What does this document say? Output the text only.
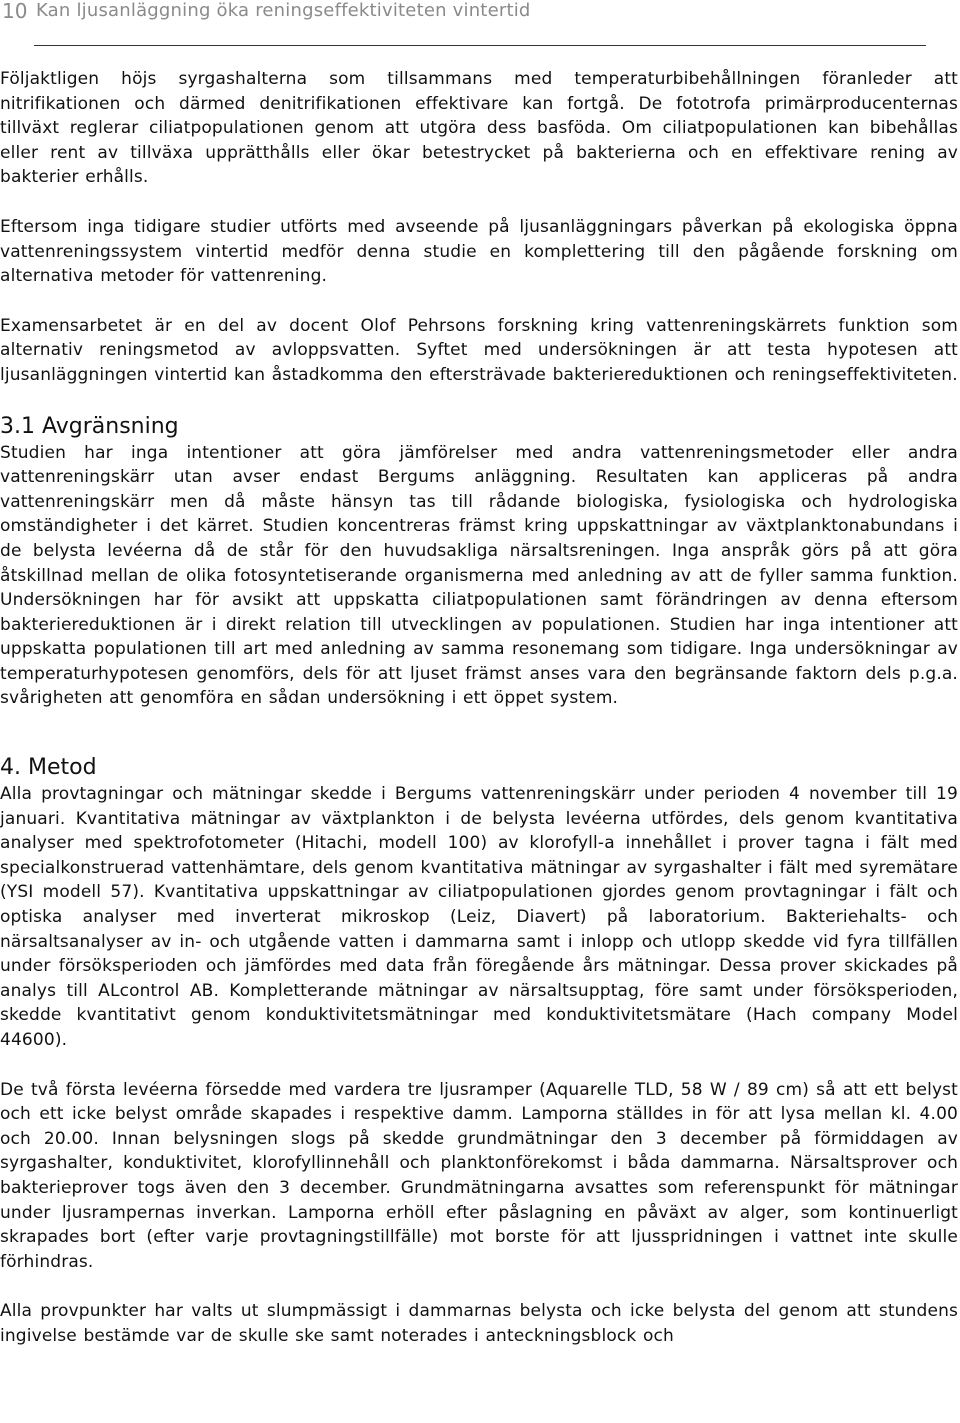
10 Kan ljusanläggning öka reningseffektiviteten vintertid

Följaktligen höjs syrgashalterna som tillsammans med temperaturbibehållningen föranleder att nitrifikationen och därmed denitrifikationen effektivare kan fortgå. De fototrofa primärproducenternas tillväxt reglerar ciliatpopulationen genom att utgöra dess basföda. Om ciliatpopulationen kan bibehållas eller rent av tillväxa upprätthålls eller ökar betestrycket på bakterierna och en effektivare rening av bakterier erhålls.

Eftersom inga tidigare studier utförts med avseende på ljusanläggningars påverkan på ekologiska öppna vattenreningssystem vintertid medför denna studie en komplettering till den pågående forskning om alternativa metoder för vattenrening.

Examensarbetet är en del av docent Olof Pehrsons forskning kring vattenreningskärrets funktion som alternativ reningsmetod av avloppsvatten. Syftet med undersökningen är att testa hypotesen att ljusanläggningen vintertid kan åstadkomma den eftersträvade bakteriereduktionen och reningseffektiviteten.

3.1 Avgränsning

Studien har inga intentioner att göra jämförelser med andra vattenreningsmetoder eller andra vattenreningskärr utan avser endast Bergums anläggning. Resultaten kan appliceras på andra vattenreningskärr men då måste hänsyn tas till rådande biologiska, fysiologiska och hydrologiska omständigheter i det kärret. Studien koncentreras främst kring uppskattningar av växtplanktonabundans i de belysta levéerna då de står för den huvudsakliga närsaltsreningen. Inga anspråk görs på att göra åtskillnad mellan de olika fotosyntetiserande organismerna med anledning av att de fyller samma funktion. Undersökningen har för avsikt att uppskatta ciliatpopulationen samt förändringen av denna eftersom bakteriereduktionen är i direkt relation till utvecklingen av populationen. Studien har inga intentioner att uppskatta populationen till art med anledning av samma resonemang som tidigare. Inga undersökningar av temperaturhypotesen genomförs, dels för att ljuset främst anses vara den begränsande faktorn dels p.g.a. svårigheten att genomföra en sådan undersökning i ett öppet system.

4. Metod

Alla provtagningar och mätningar skedde i Bergums vattenreningskärr under perioden 4 november till 19 januari. Kvantitativa mätningar av växtplankton i de belysta levéerna utfördes, dels genom kvantitativa analyser med spektrofotometer (Hitachi, modell 100) av klorofyll-a innehållet i prover tagna i fält med specialkonstruerad vattenhämtare, dels genom kvantitativa mätningar av syrgashalter i fält med syremätare (YSI modell 57). Kvantitativa uppskattningar av ciliatpopulationen gjordes genom provtagningar i fält och optiska analyser med inverterat mikroskop (Leiz, Diavert) på laboratorium. Bakteriehalts- och närsaltsanalyser av in- och utgående vatten i dammarna samt i inlopp och utlopp skedde vid fyra tillfällen under försöksperioden och jämfördes med data från föregående års mätningar. Dessa prover skickades på analys till ALcontrol AB. Kompletterande mätningar av närsaltsupptag, före samt under försöksperioden, skedde kvantitativt genom konduktivitetsmätningar med konduktivitetsmätare (Hach company Model 44600).

De två första levéerna försedde med vardera tre ljusramper (Aquarelle TLD, 58 W / 89 cm) så att ett belyst och ett icke belyst område skapades i respektive damm. Lamporna ställdes in för att lysa mellan kl. 4.00 och 20.00. Innan belysningen slogs på skedde grundmätningar den 3 december på förmiddagen av syrgashalter, konduktivitet, klorofyllinnehåll och planktonförekomst i båda dammarna. Närsaltsprover och bakterieprover togs även den 3 december. Grundmätningarna avsattes som referenspunkt för mätningar under ljusrampernas inverkan. Lamporna erhöll efter påslagning en påväxt av alger, som kontinuerligt skrapades bort (efter varje provtagningstillfälle) mot borste för att ljusspridningen i vattnet inte skulle förhindras.

Alla provpunkter har valts ut slumpmässigt i dammarnas belysta och icke belysta del genom att stundens ingivelse bestämde var de skulle ske samt noterades i anteckningsblock och
